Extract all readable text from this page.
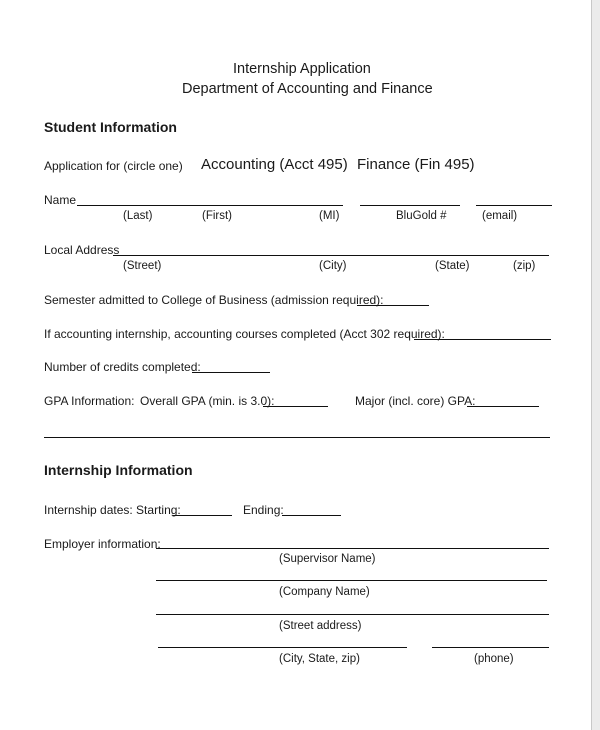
Internship Application
Department of Accounting and Finance
Student Information
Application for (circle one) Accounting (Acct 495) Finance (Fin 495)
Name
(Last)	(First)	(MI)	BluGold #	(email)
Local Address
(Street)	(City)	(State)	(zip)
Semester admitted to College of Business (admission required):
If accounting internship, accounting courses completed (Acct 302 required):
Number of credits completed:
GPA Information: Overall GPA (min. is 3.0):	Major (incl. core) GPA:
Internship Information
Internship dates: Starting:	Ending:
Employer information:
(Supervisor Name)
(Company Name)
(Street address)
(City, State, zip)	(phone)
